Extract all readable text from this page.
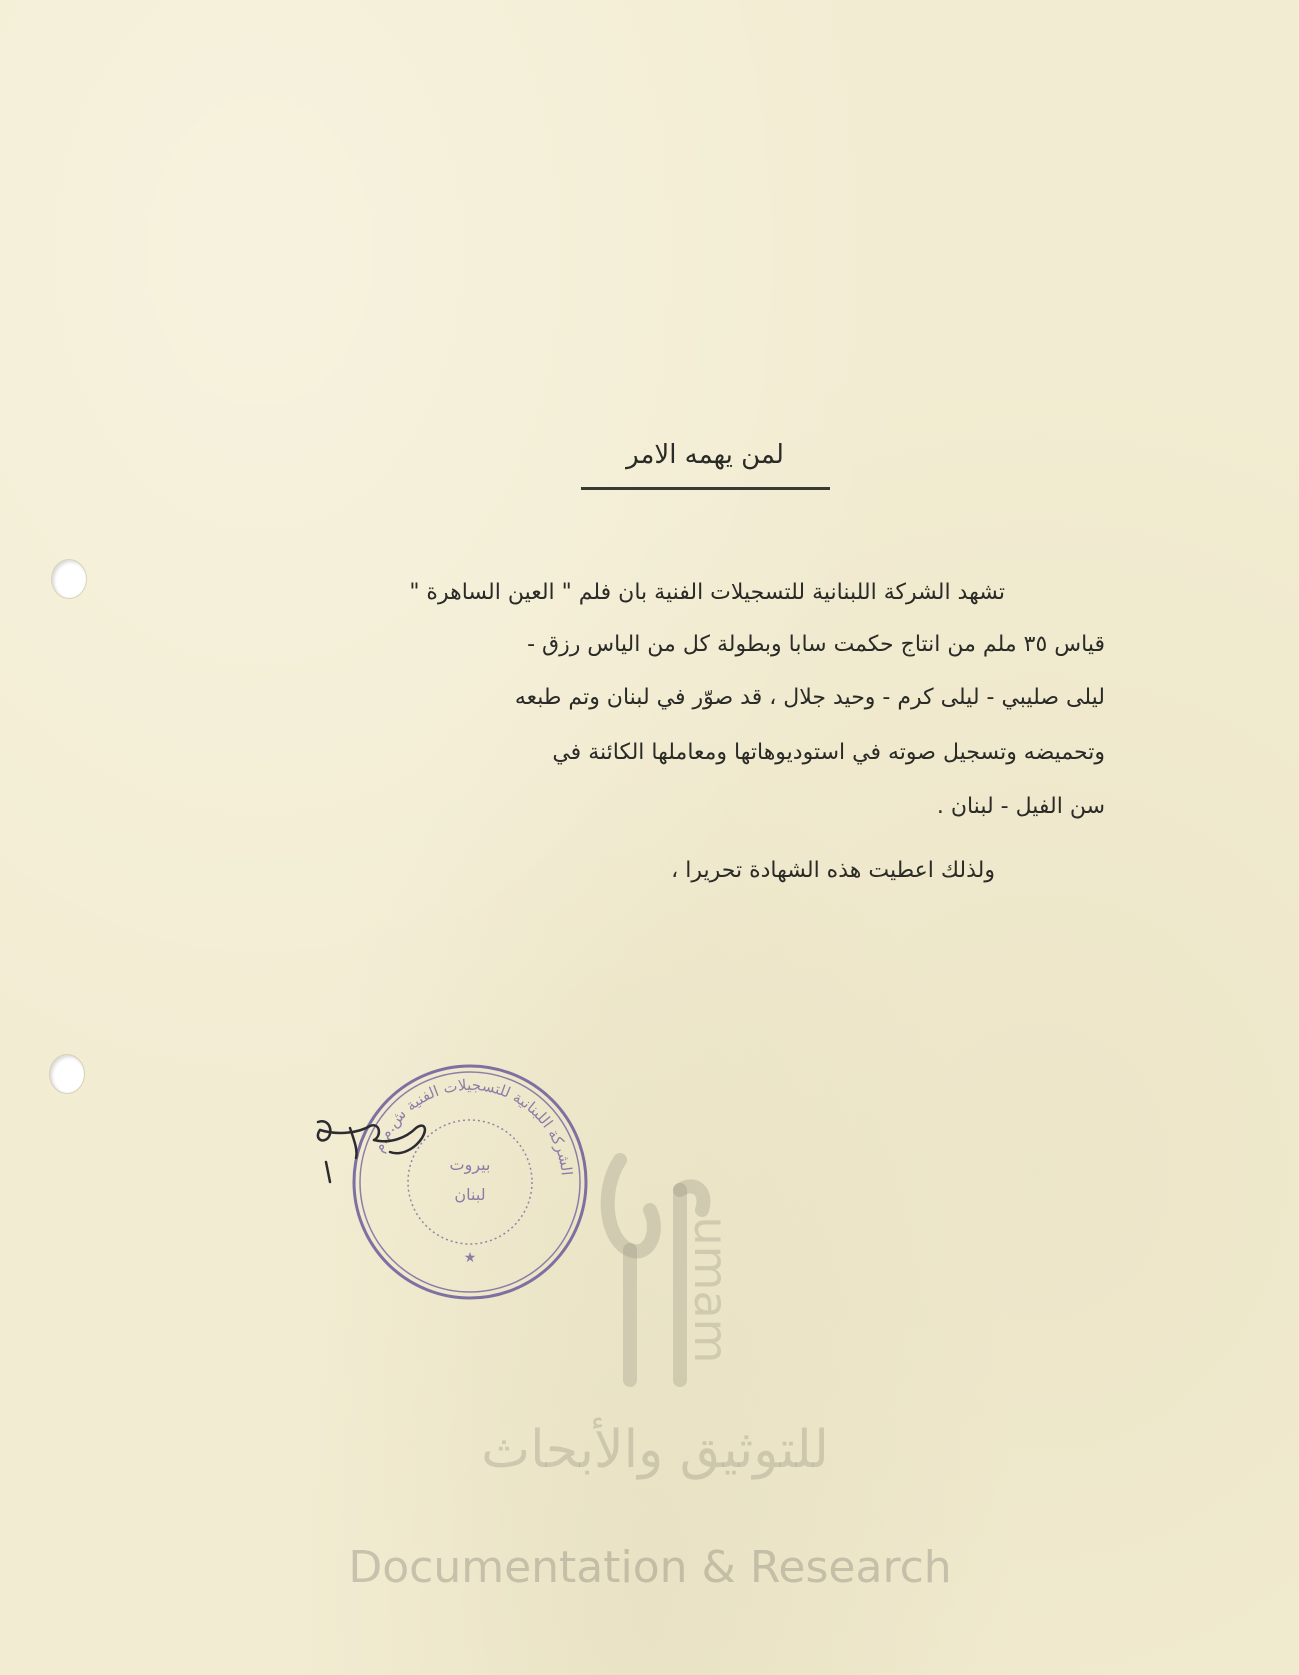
لمن يهمه الامر
تشهد الشركة اللبنانية للتسجيلات الفنية بان فلم " العين الساهرة "
قياس ٣٥ ملم من انتاج حكمت سابا وبطولة كل من الياس رزق -
ليلى صليبي - ليلى كرم - وحيد جلال ، قد صوّر في لبنان وتم طبعه
وتحميضه وتسجيل صوته في استوديوهاتها ومعاملها الكائنة في
سن الفيل - لبنان .
ولذلك اعطيت هذه الشهادة تحريرا ،
umam
للتوثيق والأبحاث
Documentation & Research
الشركة اللبنانية للتسجيلات الفنية ش.م.م
بيروت
لبنان
★
